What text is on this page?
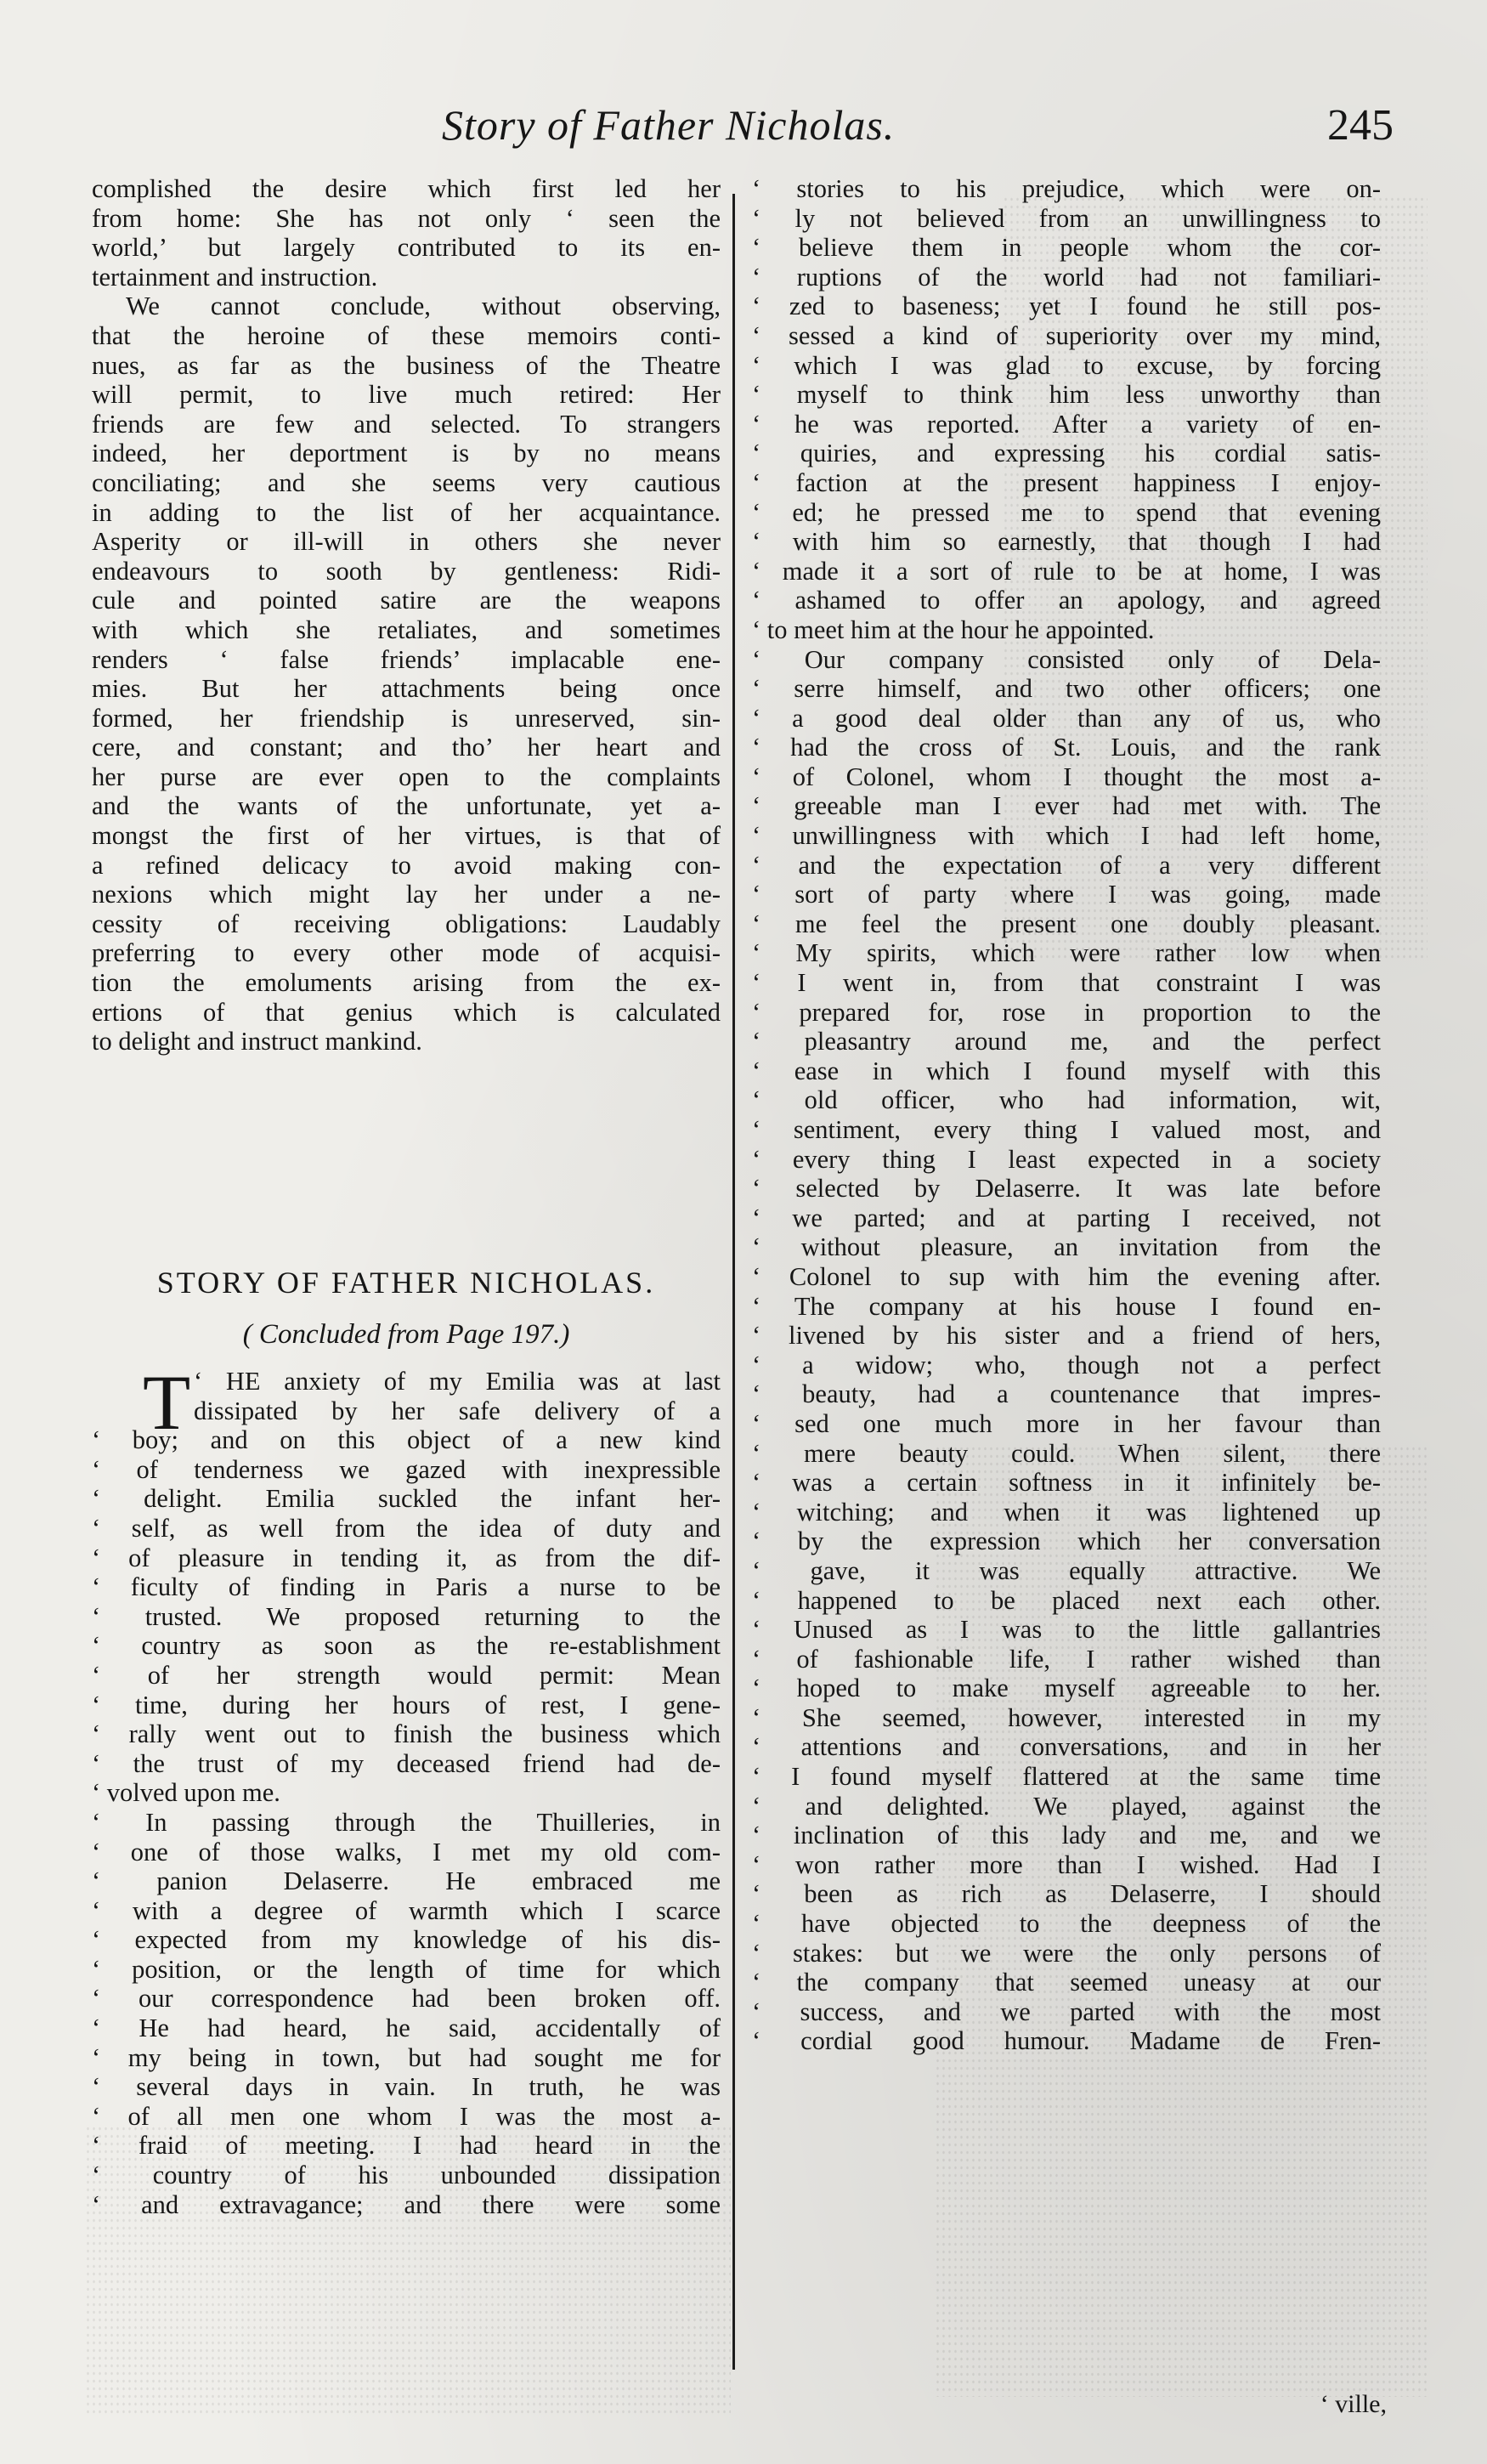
Story of Father Nicholas.	245
complished the desire which first led her
from home: She has not only ‘ seen the
world,’ but largely contributed to its en-
tertainment and instruction.
We cannot conclude, without observing,
that the heroine of these memoirs conti-
nues, as far as the business of the Theatre
will permit, to live much retired: Her
friends are few and selected. To strangers
indeed, her deportment is by no means
conciliating; and she seems very cautious
in adding to the list of her acquaintance.
Asperity or ill-will in others she never
endeavours to sooth by gentleness: Ridi-
cule and pointed satire are the weapons
with which she retaliates, and sometimes
renders ‘ false friends’ implacable ene-
mies. But her attachments being once
formed, her friendship is unreserved, sin-
cere, and constant; and tho’ her heart and
her purse are ever open to the complaints
and the wants of the unfortunate, yet a-
mongst the first of her virtues, is that of
a refined delicacy to avoid making con-
nexions which might lay her under a ne-
cessity of receiving obligations: Laudably
preferring to every other mode of acquisi-
tion the emoluments arising from the ex-
ertions of that genius which is calculated
to delight and instruct mankind.
STORY OF FATHER NICHOLAS.
( Concluded from Page 197.)
T ‘ HE anxiety of my Emilia was at last
dissipated by her safe delivery of a
‘ boy; and on this object of a new kind
‘ of tenderness we gazed with inexpressible
‘ delight. Emilia suckled the infant her-
‘ self, as well from the idea of duty and
‘ of pleasure in tending it, as from the dif-
‘ ficulty of finding in Paris a nurse to be
‘ trusted. We proposed returning to the
‘ country as soon as the re-establishment
‘ of her strength would permit: Mean
‘ time, during her hours of rest, I gene-
‘ rally went out to finish the business which
‘ the trust of my deceased friend had de-
‘ volved upon me.
‘ In passing through the Thuilleries, in
‘ one of those walks, I met my old com-
‘ panion Delaserre. He embraced me
‘ with a degree of warmth which I scarce
‘ expected from my knowledge of his dis-
‘ position, or the length of time for which
‘ our correspondence had been broken off.
‘ He had heard, he said, accidentally of
‘ my being in town, but had sought me for
‘ several days in vain. In truth, he was
‘ of all men one whom I was the most a-
‘ fraid of meeting. I had heard in the
‘ country of his unbounded dissipation
‘ and extravagance; and there were some
‘ stories to his prejudice, which were on-
‘ ly not believed from an unwillingness to
‘ believe them in people whom the cor-
‘ ruptions of the world had not familiari-
‘ zed to baseness; yet I found he still pos-
‘ sessed a kind of superiority over my mind,
‘ which I was glad to excuse, by forcing
‘ myself to think him less unworthy than
‘ he was reported. After a variety of en-
‘ quiries, and expressing his cordial satis-
‘ faction at the present happiness I enjoy-
‘ ed; he pressed me to spend that evening
‘ with him so earnestly, that though I had
‘ made it a sort of rule to be at home, I was
‘ ashamed to offer an apology, and agreed
‘ to meet him at the hour he appointed.
‘ Our company consisted only of Dela-
‘ serre himself, and two other officers; one
‘ a good deal older than any of us, who
‘ had the cross of St. Louis, and the rank
‘ of Colonel, whom I thought the most a-
‘ greeable man I ever had met with. The
‘ unwillingness with which I had left home,
‘ and the expectation of a very different
‘ sort of party where I was going, made
‘ me feel the present one doubly pleasant.
‘ My spirits, which were rather low when
‘ I went in, from that constraint I was
‘ prepared for, rose in proportion to the
‘ pleasantry around me, and the perfect
‘ ease in which I found myself with this
‘ old officer, who had information, wit,
‘ sentiment, every thing I valued most, and
‘ every thing I least expected in a society
‘ selected by Delaserre. It was late before
‘ we parted; and at parting I received, not
‘ without pleasure, an invitation from the
‘ Colonel to sup with him the evening after.
‘ The company at his house I found en-
‘ livened by his sister and a friend of hers,
‘ a widow; who, though not a perfect
‘ beauty, had a countenance that impres-
‘ sed one much more in her favour than
‘ mere beauty could. When silent, there
‘ was a certain softness in it infinitely be-
‘ witching; and when it was lightened up
‘ by the expression which her conversation
‘ gave, it was equally attractive. We
‘ happened to be placed next each other.
‘ Unused as I was to the little gallantries
‘ of fashionable life, I rather wished than
‘ hoped to make myself agreeable to her.
‘ She seemed, however, interested in my
‘ attentions and conversations, and in her
‘ I found myself flattered at the same time
‘ and delighted. We played, against the
‘ inclination of this lady and me, and we
‘ won rather more than I wished. Had I
‘ been as rich as Delaserre, I should
‘ have objected to the deepness of the
‘ stakes: but we were the only persons of
‘ the company that seemed uneasy at our
‘ success, and we parted with the most
‘ cordial good humour. Madame de Fren-
‘ ville,
